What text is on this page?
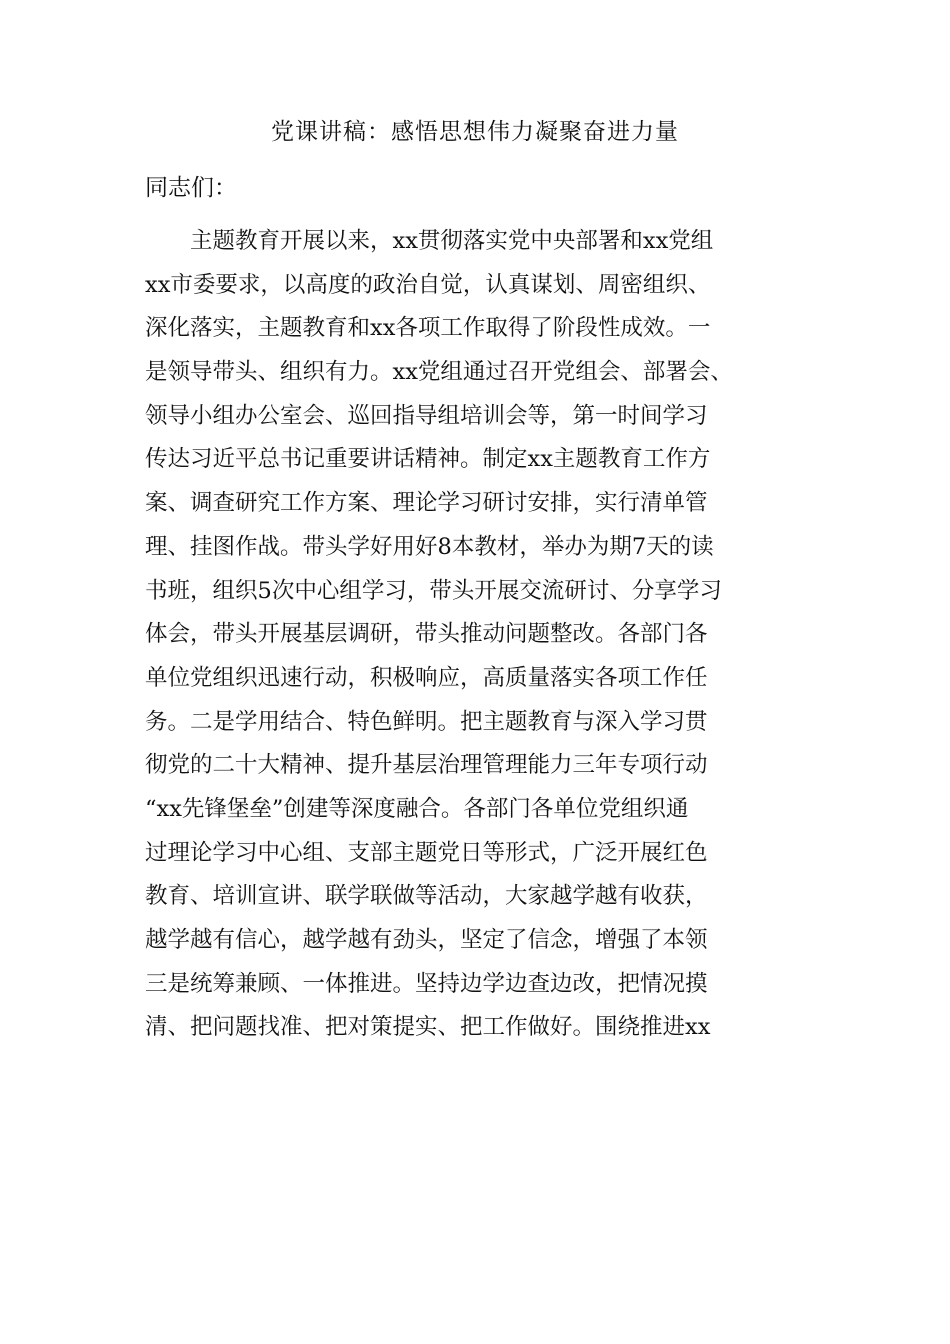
党课讲稿：感悟思想伟力凝聚奋进力量
同志们：
主题教育开展以来，xx贯彻落实党中央部署和xx党组
xx市委要求，以高度的政治自觉，认真谋划、周密组织、
深化落实，主题教育和xx各项工作取得了阶段性成效。一
是领导带头、组织有力。xx党组通过召开党组会、部署会、
领导小组办公室会、巡回指导组培训会等，第一时间学习
传达习近平总书记重要讲话精神。制定xx主题教育工作方
案、调查研究工作方案、理论学习研讨安排，实行清单管
理、挂图作战。带头学好用好8本教材，举办为期7天的读
书班，组织5次中心组学习，带头开展交流研讨、分享学习
体会，带头开展基层调研，带头推动问题整改。各部门各
单位党组织迅速行动，积极响应，高质量落实各项工作任
务。二是学用结合、特色鲜明。把主题教育与深入学习贯
彻党的二十大精神、提升基层治理管理能力三年专项行动
“xx先锋堡垒”创建等深度融合。各部门各单位党组织通
过理论学习中心组、支部主题党日等形式，广泛开展红色
教育、培训宣讲、联学联做等活动，大家越学越有收获，
越学越有信心，越学越有劲头，坚定了信念，增强了本领
三是统筹兼顾、一体推进。坚持边学边查边改，把情况摸
清、把问题找准、把对策提实、把工作做好。围绕推进xx
